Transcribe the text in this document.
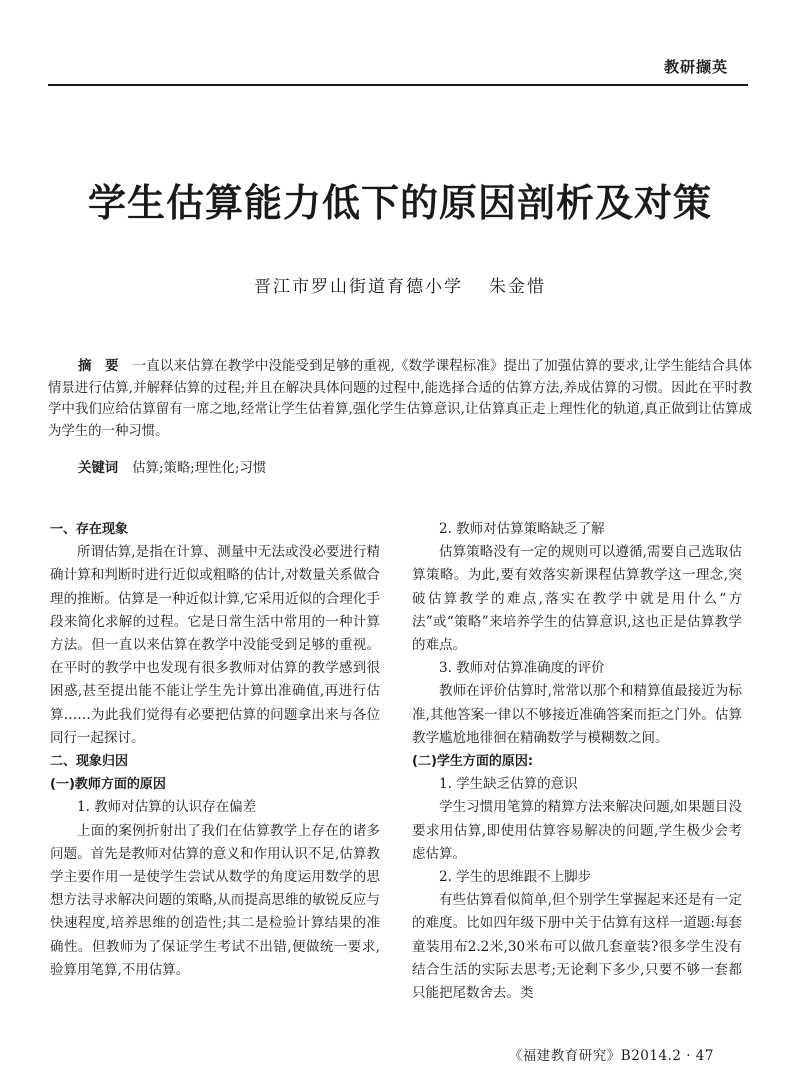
教研撷英
学生估算能力低下的原因剖析及对策
晋江市罗山街道育德小学 朱金惜
摘　要 一直以来估算在教学中没能受到足够的重视,《数学课程标准》提出了加强估算的要求,让学生能结合具体情景进行估算,并解释估算的过程;并且在解决具体问题的过程中,能选择合适的估算方法,养成估算的习惯。因此在平时教学中我们应给估算留有一席之地,经常让学生估着算,强化学生估算意识,让估算真正走上理性化的轨道,真正做到让估算成为学生的一种习惯。
关键词 估算;策略;理性化;习惯

一、存在现象

所谓估算,是指在计算、测量中无法或没必要进行精确计算和判断时进行近似或粗略的估计,对数量关系做合理的推断。估算是一种近似计算,它采用近似的合理化手段来简化求解的过程。它是日常生活中常用的一种计算方法。但一直以来估算在教学中没能受到足够的重视。在平时的教学中也发现有很多教师对估算的教学感到很困惑,甚至提出能不能让学生先计算出准确值,再进行估算……为此我们觉得有必要把估算的问题拿出来与各位同行一起探讨。

二、现象归因

(一)教师方面的原因

1. 教师对估算的认识存在偏差

上面的案例折射出了我们在估算教学上存在的诸多问题。首先是教师对估算的意义和作用认识不足,估算教学主要作用一是使学生尝试从数学的角度运用数学的思想方法寻求解决问题的策略,从而提高思维的敏锐反应与快速程度,培养思维的创造性;其二是检验计算结果的准确性。但教师为了保证学生考试不出错,便做统一要求,验算用笔算,不用估算。

2. 教师对估算策略缺乏了解

估算策略没有一定的规则可以遵循,需要自己选取估算策略。为此,要有效落实新课程估算教学这一理念,突破估算教学的难点,落实在教学中就是用什么“方法”或“策略”来培养学生的估算意识,这也正是估算教学的难点。

3. 教师对估算准确度的评价

教师在评价估算时,常常以那个和精算值最接近为标准,其他答案一律以不够接近准确答案而拒之门外。估算教学尴尬地徘徊在精确数学与模糊数之间。

(二)学生方面的原因:

1. 学生缺乏估算的意识

学生习惯用笔算的精算方法来解决问题,如果题目没要求用估算,即使用估算容易解决的问题,学生极少会考虑估算。

2. 学生的思维跟不上脚步

有些估算看似简单,但个别学生掌握起来还是有一定的难度。比如四年级下册中关于估算有这样一道题:每套童装用布2.2米,30米布可以做几套童装?很多学生没有结合生活的实际去思考;无论剩下多少,只要不够一套都只能把尾数舍去。类

《福建教育研究》B2014.2 · 47
